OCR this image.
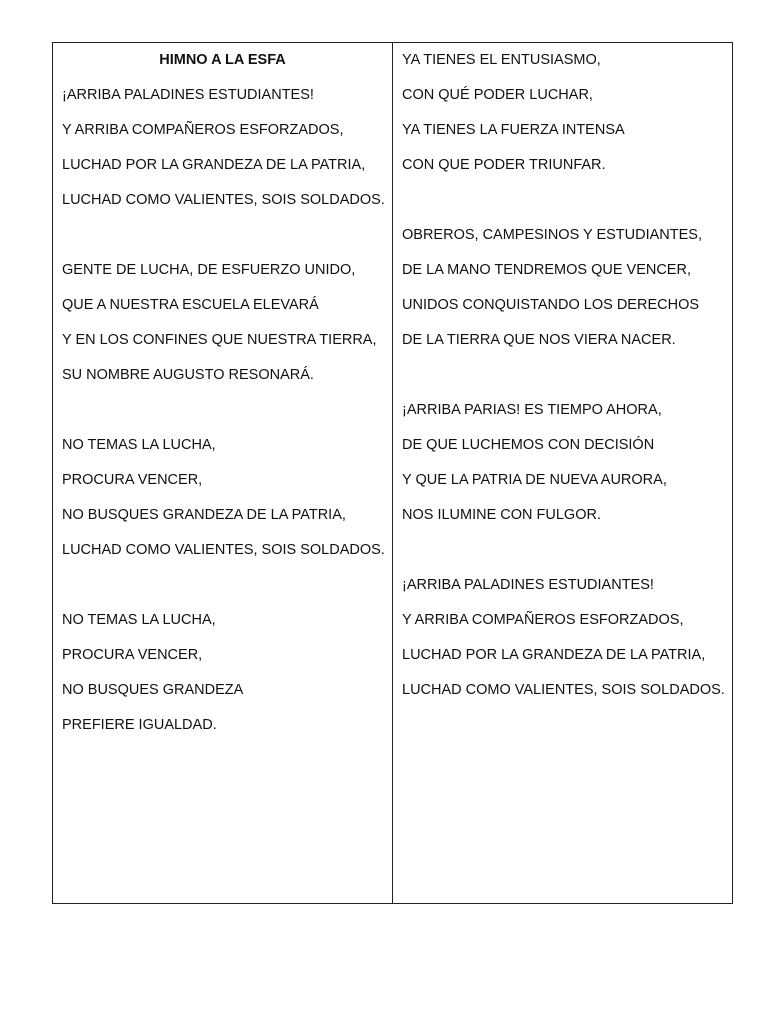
HIMNO A LA ESFA
¡ARRIBA PALADINES ESTUDIANTES!
Y ARRIBA COMPAÑEROS ESFORZADOS,
LUCHAD POR LA GRANDEZA DE LA PATRIA,
LUCHAD COMO VALIENTES, SOIS SOLDADOS.
GENTE DE LUCHA, DE ESFUERZO UNIDO,
QUE A NUESTRA ESCUELA ELEVARÁ
Y EN LOS CONFINES QUE NUESTRA TIERRA,
SU NOMBRE AUGUSTO RESONARÁ.
NO TEMAS LA LUCHA,
PROCURA VENCER,
NO BUSQUES GRANDEZA DE LA PATRIA,
LUCHAD COMO VALIENTES, SOIS SOLDADOS.
NO TEMAS LA LUCHA,
PROCURA VENCER,
NO BUSQUES GRANDEZA
PREFIERE IGUALDAD.
YA TIENES EL ENTUSIASMO,
CON QUÉ PODER LUCHAR,
YA TIENES LA FUERZA INTENSA
CON QUE PODER TRIUNFAR.
OBREROS, CAMPESINOS Y ESTUDIANTES,
DE LA MANO TENDREMOS QUE VENCER,
UNIDOS CONQUISTANDO LOS DERECHOS
DE LA TIERRA QUE NOS VIERA NACER.
¡ARRIBA PARIAS! ES TIEMPO AHORA,
DE QUE LUCHEMOS CON DECISIÓN
Y QUE LA PATRIA DE NUEVA AURORA,
NOS ILUMINE CON FULGOR.
¡ARRIBA PALADINES ESTUDIANTES!
Y ARRIBA COMPAÑEROS ESFORZADOS,
LUCHAD POR LA GRANDEZA DE LA PATRIA,
LUCHAD COMO VALIENTES, SOIS SOLDADOS.
